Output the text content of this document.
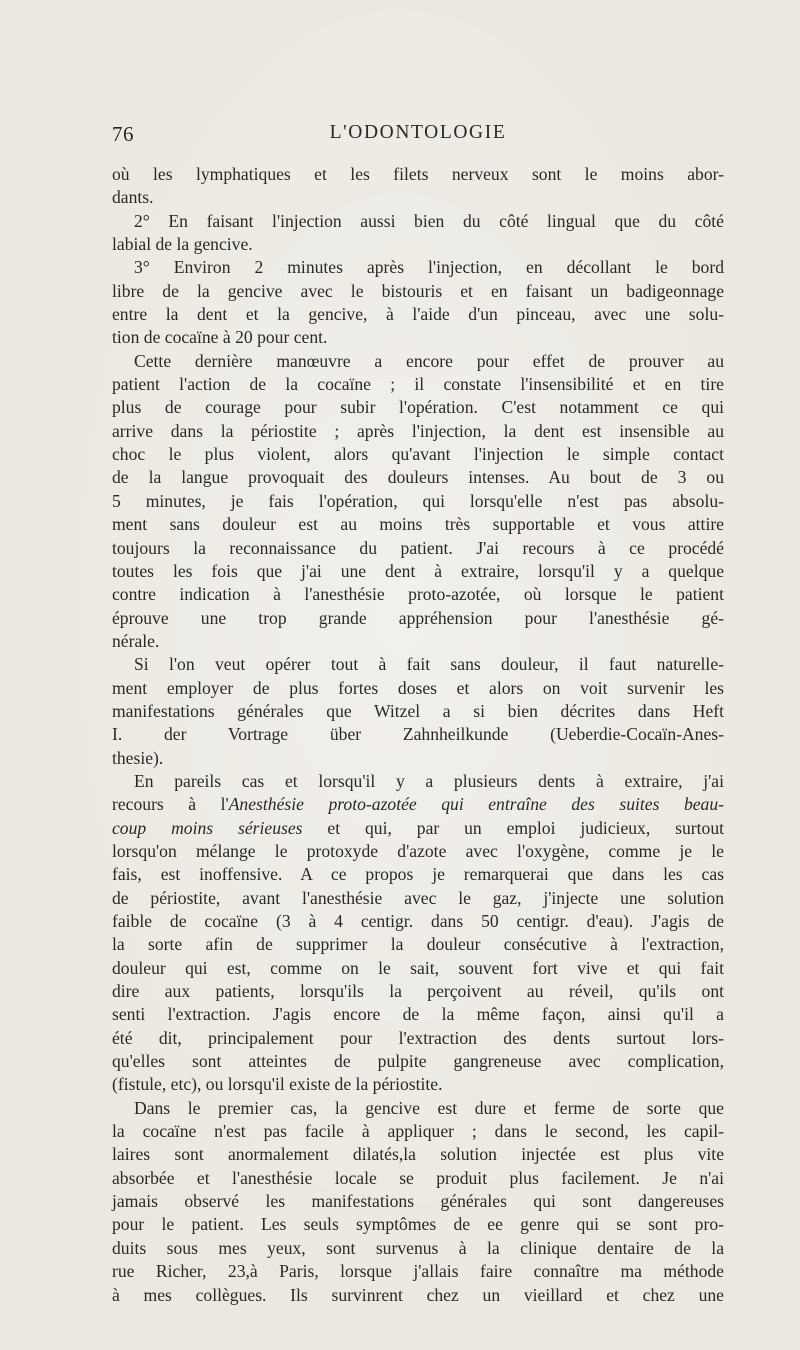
76	L'ODONTOLOGIE

où les lymphatiques et les filets nerveux sont le moins abor-

dants.

2° En faisant l'injection aussi bien du côté lingual que du côté

labial de la gencive.

3° Environ 2 minutes après l'injection, en décollant le bord

libre de la gencive avec le bistouris et en faisant un badigeonnage

entre la dent et la gencive, à l'aide d'un pinceau, avec une solu-

tion de cocaïne à 20 pour cent.

Cette dernière manœuvre a encore pour effet de prouver au

patient l'action de la cocaïne ; il constate l'insensibilité et en tire

plus de courage pour subir l'opération. C'est notamment ce qui

arrive dans la périostite ; après l'injection, la dent est insensible au

choc le plus violent, alors qu'avant l'injection le simple contact

de la langue provoquait des douleurs intenses. Au bout de 3 ou

5 minutes, je fais l'opération, qui lorsqu'elle n'est pas absolu-

ment sans douleur est au moins très supportable et vous attire

toujours la reconnaissance du patient. J'ai recours à ce procédé

toutes les fois que j'ai une dent à extraire, lorsqu'il y a quelque

contre indication à l'anesthésie proto-azotée, où lorsque le patient

éprouve une trop grande appréhension pour l'anesthésie gé-

nérale.

Si l'on veut opérer tout à fait sans douleur, il faut naturelle-

ment employer de plus fortes doses et alors on voit survenir les

manifestations générales que Witzel a si bien décrites dans Heft

I. der Vortrage über Zahnheilkunde (Ueberdie-Cocaïn-Anes-

thesie).

En pareils cas et lorsqu'il y a plusieurs dents à extraire, j'ai

recours à l'Anesthésie proto-azotée qui entraîne des suites beau-

coup moins sérieuses et qui, par un emploi judicieux, surtout

lorsqu'on mélange le protoxyde d'azote avec l'oxygène, comme je le

fais, est inoffensive. A ce propos je remarquerai que dans les cas

de périostite, avant l'anesthésie avec le gaz, j'injecte une solution

faible de cocaïne (3 à 4 centigr. dans 50 centigr. d'eau). J'agis de

la sorte afin de supprimer la douleur consécutive à l'extraction,

douleur qui est, comme on le sait, souvent fort vive et qui fait

dire aux patients, lorsqu'ils la perçoivent au réveil, qu'ils ont

senti l'extraction. J'agis encore de la même façon, ainsi qu'il a

été dit, principalement pour l'extraction des dents surtout lors-

qu'elles sont atteintes de pulpite gangreneuse avec complication,

(fistule, etc), ou lorsqu'il existe de la périostite.

Dans le premier cas, la gencive est dure et ferme de sorte que

la cocaïne n'est pas facile à appliquer ; dans le second, les capil-

laires sont anormalement dilatés,la solution injectée est plus vite

absorbée et l'anesthésie locale se produit plus facilement. Je n'ai

jamais observé les manifestations générales qui sont dangereuses

pour le patient. Les seuls symptômes de ee genre qui se sont pro-

duits sous mes yeux, sont survenus à la clinique dentaire de la

rue Richer, 23,à Paris, lorsque j'allais faire connaître ma méthode

à mes collègues. Ils survinrent chez un vieillard et chez une
